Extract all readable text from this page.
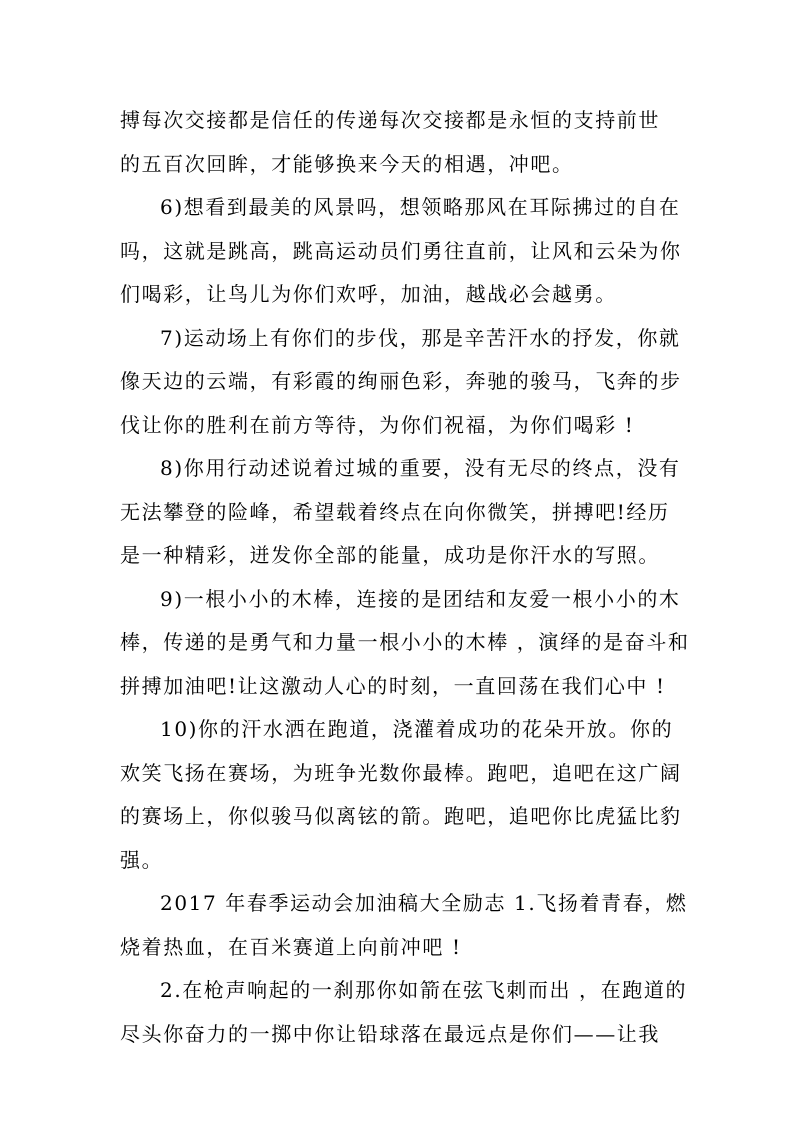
搏每次交接都是信任的传递每次交接都是永恒的支持前世
的五百次回眸，才能够换来今天的相遇，冲吧。
6)想看到最美的风景吗，想领略那风在耳际拂过的自在
吗，这就是跳高，跳高运动员们勇往直前，让风和云朵为你
们喝彩，让鸟儿为你们欢呼，加油，越战必会越勇。
7)运动场上有你们的步伐，那是辛苦汗水的抒发，你就
像天边的云端，有彩霞的绚丽色彩，奔驰的骏马，飞奔的步
伐让你的胜利在前方等待，为你们祝福，为你们喝彩 !
8)你用行动述说着过城的重要，没有无尽的终点，没有
无法攀登的险峰，希望载着终点在向你微笑，拼搏吧!经历
是一种精彩，迸发你全部的能量，成功是你汗水的写照。
9)一根小小的木棒，连接的是团结和友爱一根小小的木
棒，传递的是勇气和力量一根小小的木棒 ，演绎的是奋斗和
拼搏加油吧!让这激动人心的时刻，一直回荡在我们心中 !
10)你的汗水洒在跑道，浇灌着成功的花朵开放。你的
欢笑飞扬在赛场，为班争光数你最棒。跑吧，追吧在这广阔
的赛场上，你似骏马似离铉的箭。跑吧，追吧你比虎猛比豹
强。
2017 年春季运动会加油稿大全励志 1.飞扬着青春，燃
烧着热血，在百米赛道上向前冲吧 !
2.在枪声响起的一刹那你如箭在弦飞刺而出 ，在跑道的
尽头你奋力的一掷中你让铅球落在最远点是你们——让我
